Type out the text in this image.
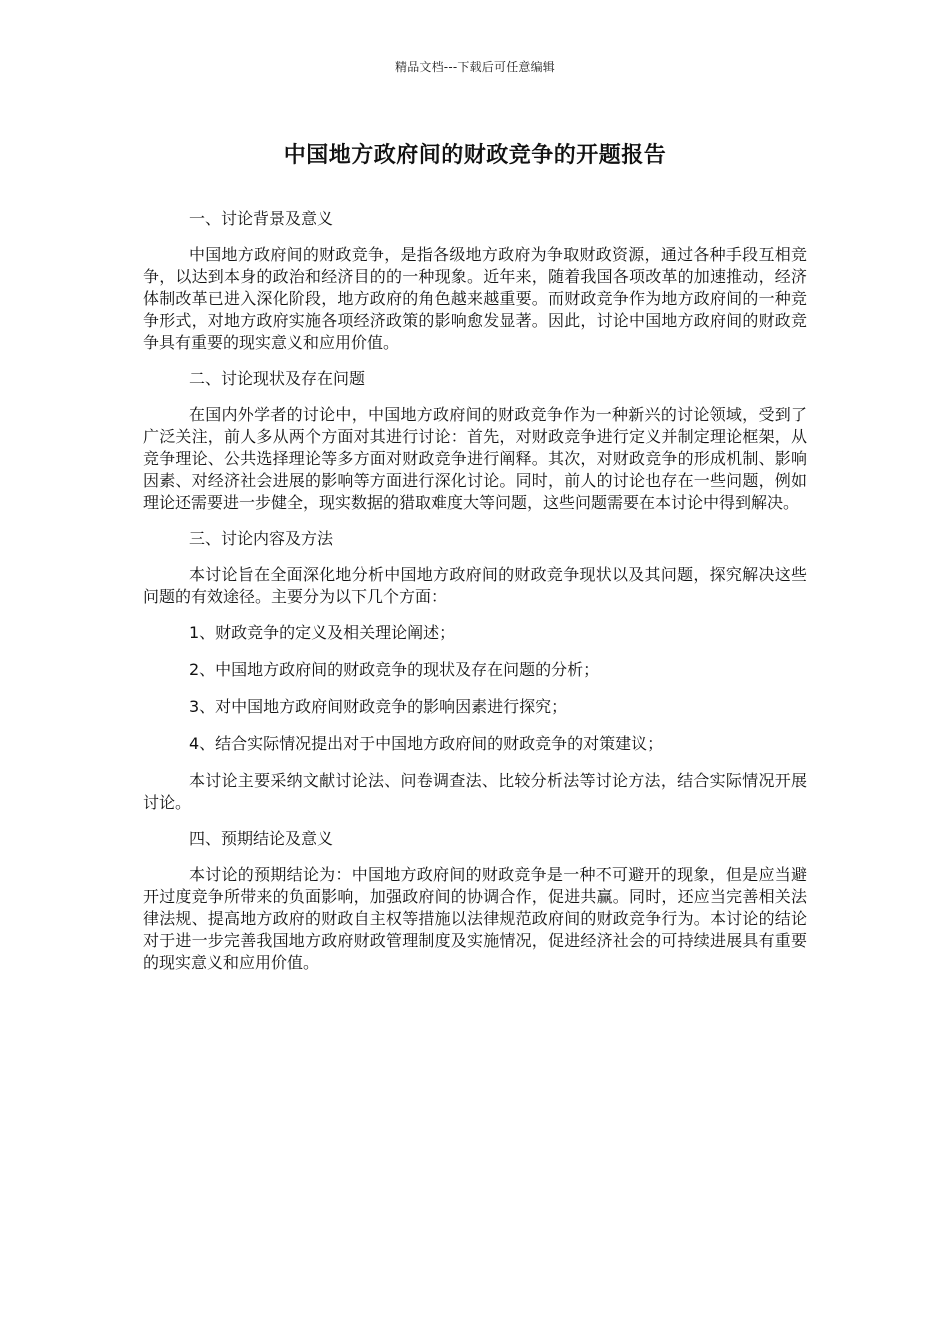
精品文档---下载后可任意编辑
中国地方政府间的财政竞争的开题报告
一、讨论背景及意义

中国地方政府间的财政竞争，是指各级地方政府为争取财政资源，通过各种手段互相竞争，以达到本身的政治和经济目的的一种现象。近年来，随着我国各项改革的加速推动，经济体制改革已进入深化阶段，地方政府的角色越来越重要。而财政竞争作为地方政府间的一种竞争形式，对地方政府实施各项经济政策的影响愈发显著。因此，讨论中国地方政府间的财政竞争具有重要的现实意义和应用价值。

二、讨论现状及存在问题

在国内外学者的讨论中，中国地方政府间的财政竞争作为一种新兴的讨论领域，受到了广泛关注，前人多从两个方面对其进行讨论：首先，对财政竞争进行定义并制定理论框架，从竞争理论、公共选择理论等多方面对财政竞争进行阐释。其次，对财政竞争的形成机制、影响因素、对经济社会进展的影响等方面进行深化讨论。同时，前人的讨论也存在一些问题，例如理论还需要进一步健全，现实数据的猎取难度大等问题，这些问题需要在本讨论中得到解决。

三、讨论内容及方法

本讨论旨在全面深化地分析中国地方政府间的财政竞争现状以及其问题，探究解决这些问题的有效途径。主要分为以下几个方面：

1、财政竞争的定义及相关理论阐述；

2、中国地方政府间的财政竞争的现状及存在问题的分析；

3、对中国地方政府间财政竞争的影响因素进行探究；

4、结合实际情况提出对于中国地方政府间的财政竞争的对策建议；

本讨论主要采纳文献讨论法、问卷调查法、比较分析法等讨论方法，结合实际情况开展讨论。

四、预期结论及意义

本讨论的预期结论为：中国地方政府间的财政竞争是一种不可避开的现象，但是应当避开过度竞争所带来的负面影响，加强政府间的协调合作，促进共赢。同时，还应当完善相关法律法规、提高地方政府的财政自主权等措施以法律规范政府间的财政竞争行为。本讨论的结论对于进一步完善我国地方政府财政管理制度及实施情况，促进经济社会的可持续进展具有重要的现实意义和应用价值。
